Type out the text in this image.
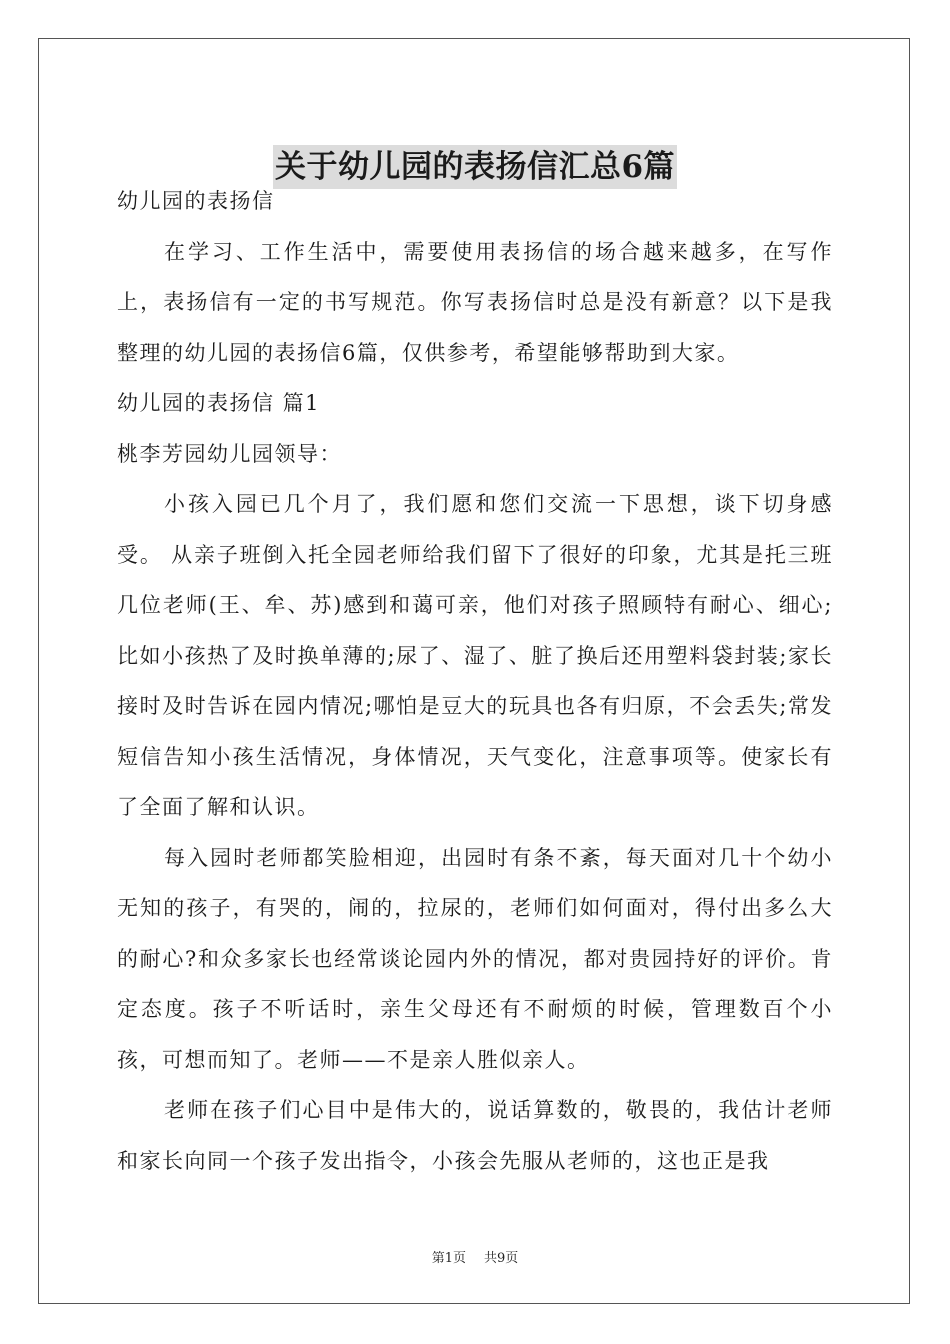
关于幼儿园的表扬信汇总6篇

幼儿园的表扬信

在学习、工作生活中，需要使用表扬信的场合越来越多，在写作上，表扬信有一定的书写规范。你写表扬信时总是没有新意？以下是我整理的幼儿园的表扬信6篇，仅供参考，希望能够帮助到大家。

幼儿园的表扬信 篇1

桃李芳园幼儿园领导：

小孩入园已几个月了，我们愿和您们交流一下思想，谈下切身感受。 从亲子班倒入托全园老师给我们留下了很好的印象，尤其是托三班几位老师(王、牟、苏)感到和蔼可亲，他们对孩子照顾特有耐心、细心;比如小孩热了及时换单薄的;尿了、湿了、脏了换后还用塑料袋封装;家长接时及时告诉在园内情况;哪怕是豆大的玩具也各有归原，不会丢失;常发短信告知小孩生活情况，身体情况，天气变化，注意事项等。使家长有了全面了解和认识。

每入园时老师都笑脸相迎，出园时有条不紊，每天面对几十个幼小无知的孩子，有哭的，闹的，拉尿的，老师们如何面对，得付出多么大的耐心?和众多家长也经常谈论园内外的情况，都对贵园持好的评价。肯定态度。孩子不听话时，亲生父母还有不耐烦的时候，管理数百个小孩，可想而知了。老师——不是亲人胜似亲人。

老师在孩子们心目中是伟大的，说话算数的，敬畏的，我估计老师和家长向同一个孩子发出指令，小孩会先服从老师的，这也正是我

第1页 共9页
